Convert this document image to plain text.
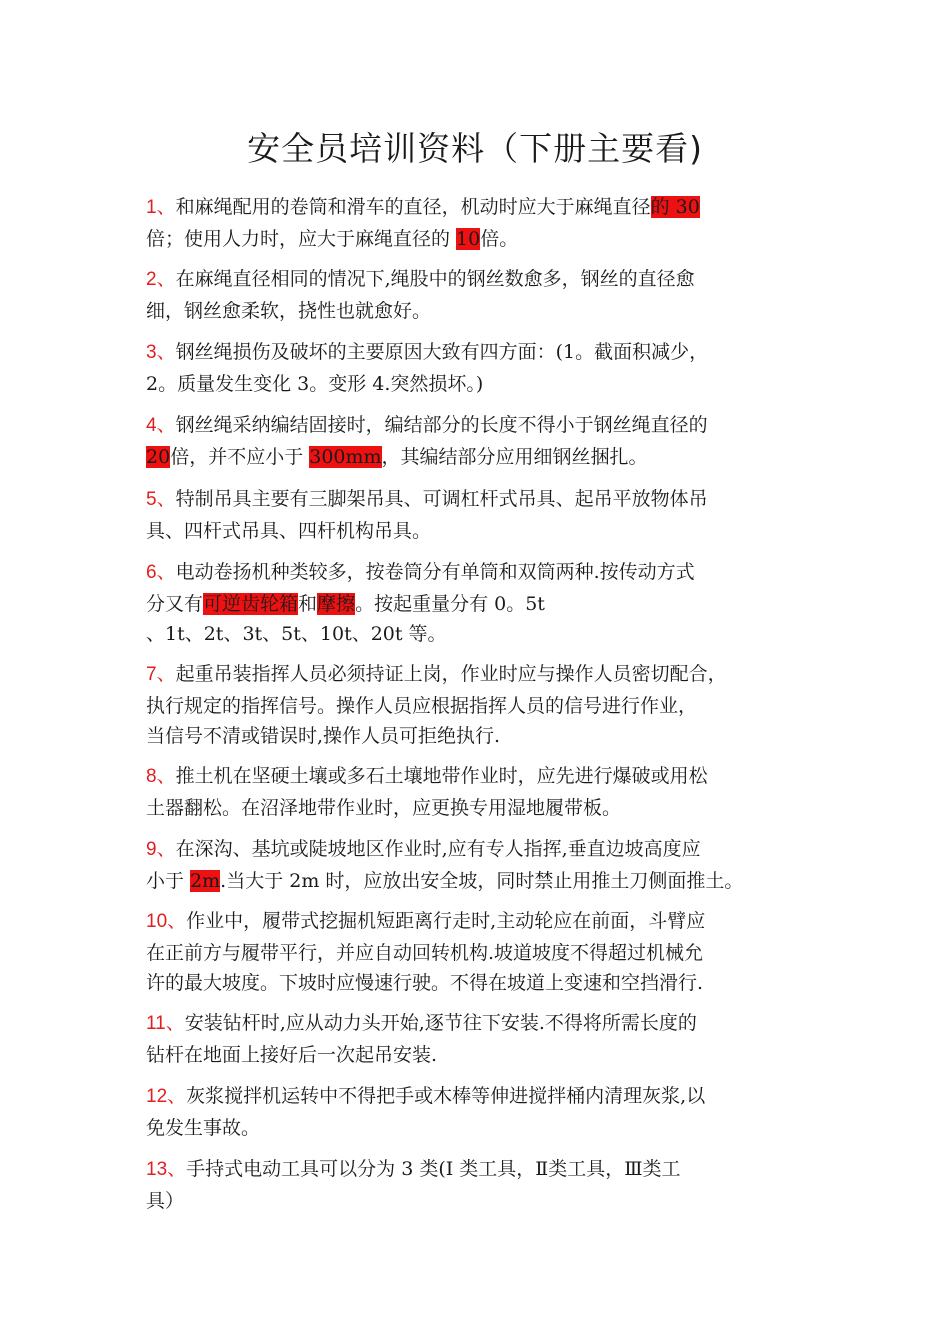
安全员培训资料（下册主要看)
1、和麻绳配用的卷筒和滑车的直径，机动时应大于麻绳直径的 30
倍；使用人力时，应大于麻绳直径的 10倍。
2、在麻绳直径相同的情况下,绳股中的钢丝数愈多，钢丝的直径愈
细，钢丝愈柔软，挠性也就愈好。
3、钢丝绳损伤及破坏的主要原因大致有四方面：(1。截面积减少，
2。质量发生变化 3。变形 4.突然损坏。)
4、钢丝绳采纳编结固接时，编结部分的长度不得小于钢丝绳直径的
20倍，并不应小于 300mm，其编结部分应用细钢丝捆扎。
5、特制吊具主要有三脚架吊具、可调杠杆式吊具、起吊平放物体吊
具、四杆式吊具、四杆机构吊具。
6、电动卷扬机种类较多，按卷筒分有单筒和双筒两种.按传动方式
分又有可逆齿轮箱和摩擦。按起重量分有 0。5t
、1t、2t、3t、5t、10t、20t 等。
7、起重吊装指挥人员必须持证上岗，作业时应与操作人员密切配合，
执行规定的指挥信号。操作人员应根据指挥人员的信号进行作业，
当信号不清或错误时,操作人员可拒绝执行.
8、推土机在坚硬土壤或多石土壤地带作业时，应先进行爆破或用松
土器翻松。在沼泽地带作业时，应更换专用湿地履带板。
9、在深沟、基坑或陡坡地区作业时,应有专人指挥,垂直边坡高度应
小于 2m.当大于 2m 时，应放出安全坡，同时禁止用推土刀侧面推土。
10、作业中，履带式挖掘机短距离行走时,主动轮应在前面，斗臂应
在正前方与履带平行，并应自动回转机构.坡道坡度不得超过机械允
许的最大坡度。下坡时应慢速行驶。不得在坡道上变速和空挡滑行.
11、安装钻杆时,应从动力头开始,逐节往下安装.不得将所需长度的
钻杆在地面上接好后一次起吊安装.
12、灰浆搅拌机运转中不得把手或木棒等伸进搅拌桶内清理灰浆,以
免发生事故。
13、手持式电动工具可以分为 3 类(Ⅰ 类工具，Ⅱ类工具，Ⅲ类工
具）
